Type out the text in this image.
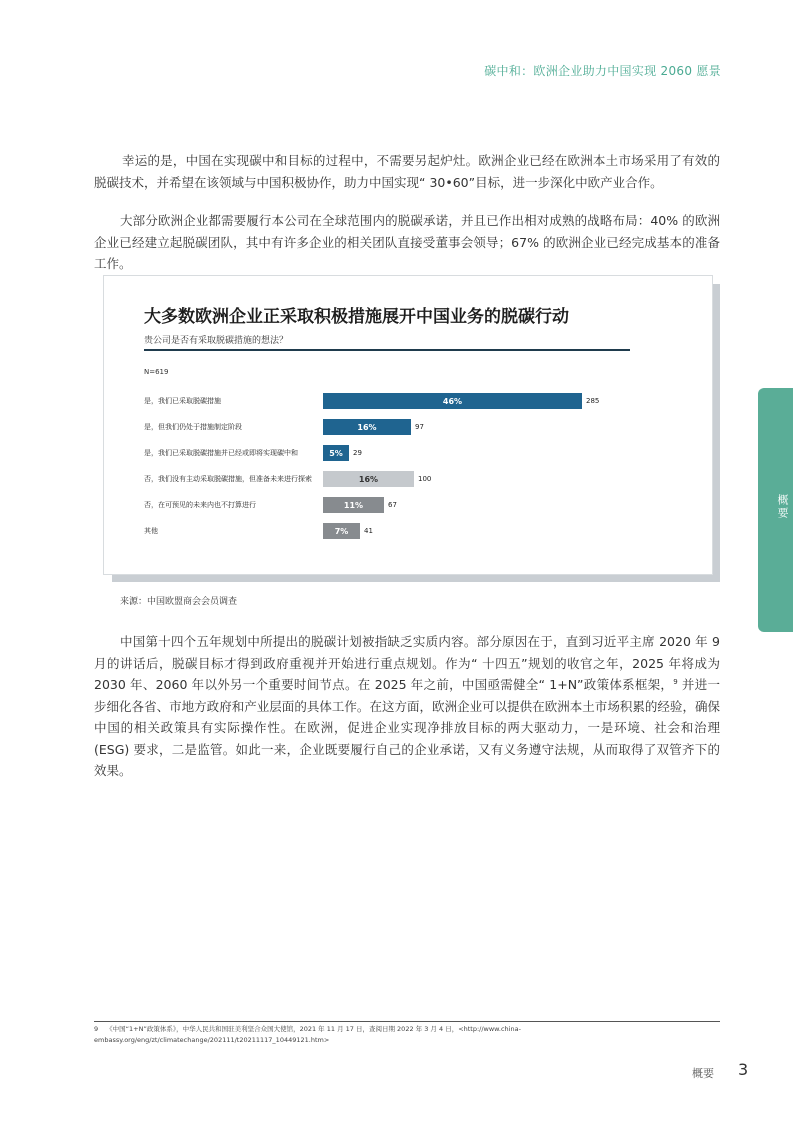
碳中和：欧洲企业助力中国实现 2060 愿景

幸运的是，中国在实现碳中和目标的过程中，不需要另起炉灶。欧洲企业已经在欧洲本土市场采用了有效的脱碳技术，并希望在该领域与中国积极协作，助力中国实现“ 30•60”目标，进一步深化中欧产业合作。

大部分欧洲企业都需要履行本公司在全球范围内的脱碳承诺，并且已作出相对成熟的战略布局：40% 的欧洲企业已经建立起脱碳团队，其中有许多企业的相关团队直接受董事会领导；67% 的欧洲企业已经完成基本的准备工作。

大多数欧洲企业正采取积极措施展开中国业务的脱碳行动
贵公司是否有采取脱碳措施的想法？
N=619
是，我们已采取脱碳措施	46%	285
是，但我们仍处于措施制定阶段	16%	97
是，我们已采取脱碳措施并已经或即将实现碳中和	5% 29
否，我们没有主动采取脱碳措施，但准备未来进行探索	16%	100
否，在可预见的未来内也不打算进行	11%	67
其他	7% 41
来源：中国欧盟商会会员调查

中国第十四个五年规划中所提出的脱碳计划被指缺乏实质内容。部分原因在于，直到习近平主席 2020 年 9 月的讲话后，脱碳目标才得到政府重视并开始进行重点规划。作为“ 十四五”规划的收官之年，2025 年将成为 2030 年、2060 年以外另一个重要时间节点。在 2025 年之前，中国亟需健全“ 1+N”政策体系框架，$^9$ 并进一步细化各省、市地方政府和产业层面的具体工作。在这方面，欧洲企业可以提供在欧洲本土市场积累的经验，确保中国的相关政策具有实际操作性。在欧洲，促进企业实现净排放目标的两大驱动力，一是环境、社会和治理 (ESG) 要求，二是监管。如此一来，企业既要履行自己的企业承诺，又有义务遵守法规，从而取得了双管齐下的效果。

概要

9 《中国“1+N”政策体系》，中华人民共和国驻美利坚合众国大使馆，2021 年 11 月 17 日，查阅日期 2022 年 3 月 4 日，<http://www.china-embassy.org/eng/zt/climatechange/202111/t20211117_10449121.htm>

概要 3
